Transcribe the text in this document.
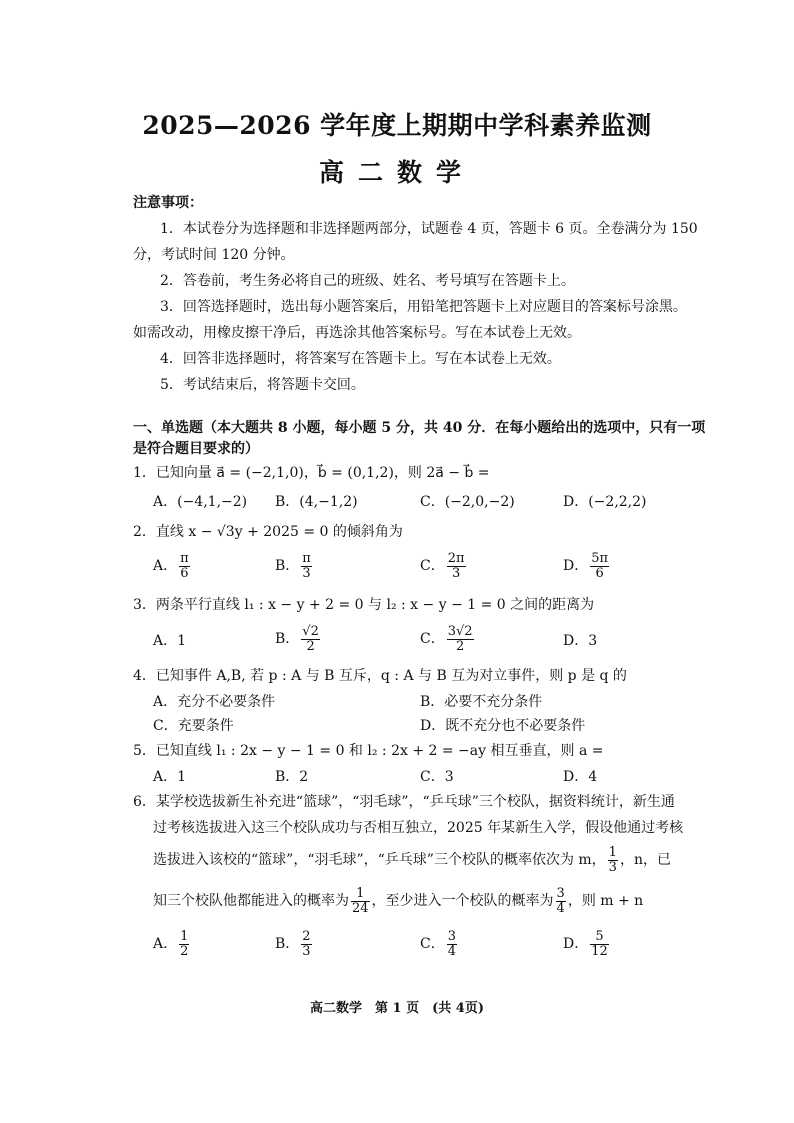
2025—2026 学年度上期期中学科素养监测
高二数学
注意事项：
1．本试卷分为选择题和非选择题两部分，试题卷 4 页，答题卡 6 页。全卷满分为 150
分，考试时间 120 分钟。
2．答卷前，考生务必将自己的班级、姓名、考号填写在答题卡上。
3．回答选择题时，选出每小题答案后，用铅笔把答题卡上对应题目的答案标号涂黑。
如需改动，用橡皮擦干净后，再选涂其他答案标号。写在本试卷上无效。
4．回答非选择题时，将答案写在答题卡上。写在本试卷上无效。
5．考试结束后，将答题卡交回。
一、单选题（本大题共 8 小题，每小题 5 分，共 40 分．在每小题给出的选项中，只有一项
是符合题目要求的）
1．已知向量 a⃗ = (−2,1,0)，b⃗ = (0,1,2)，则 2a⃗ − b⃗ =
A．(−4,1,−2) B．(4,−1,2)	C．(−2,0,−2)	D．(−2,2,2)
2．直线 x − √3y + 2025 = 0 的倾斜角为
A． $\frac{\pi}{6}$	B． $\frac{\pi}{3}$	C． $\frac{2\pi}{3}$	D． $\frac{5\pi}{6}$
3．两条平行直线 l₁ : x − y + 2 = 0 与 l₂ : x − y − 1 = 0 之间的距离为
A．1	B． $\frac{√2}{2}$	C． $\frac{3√2}{2}$	D．3
4．已知事件 A,B, 若 p : A 与 B 互斥，q : A 与 B 互为对立事件，则 p 是 q 的
A．充分不必要条件	B．必要不充分条件
C．充要条件	D．既不充分也不必要条件
5．已知直线 l₁ : 2x − y − 1 = 0 和 l₂ : 2x + 2 = −ay 相互垂直，则 a =
A．1	B．2	C．3	D．4
6．某学校选拔新生补充进“篮球”，“羽毛球”，“乒乓球”三个校队，据资料统计，新生通
过考核选拔进入这三个校队成功与否相互独立，2025 年某新生入学，假设他通过考核
选拔进入该校的“篮球”，“羽毛球”，“乒乓球”三个校队的概率依次为 m， $\frac{1}{3}$ ，n，已
知三个校队他都能进入的概率为 $\frac{1}{24}$ ，至少进入一个校队的概率为 $\frac{3}{4}$ ，则 m + n
A． $\frac{1}{2}$	B． $\frac{2}{3}$	C． $\frac{3}{4}$	D． $\frac{5}{12}$
高二数学　第 1 页　(共 4页)
